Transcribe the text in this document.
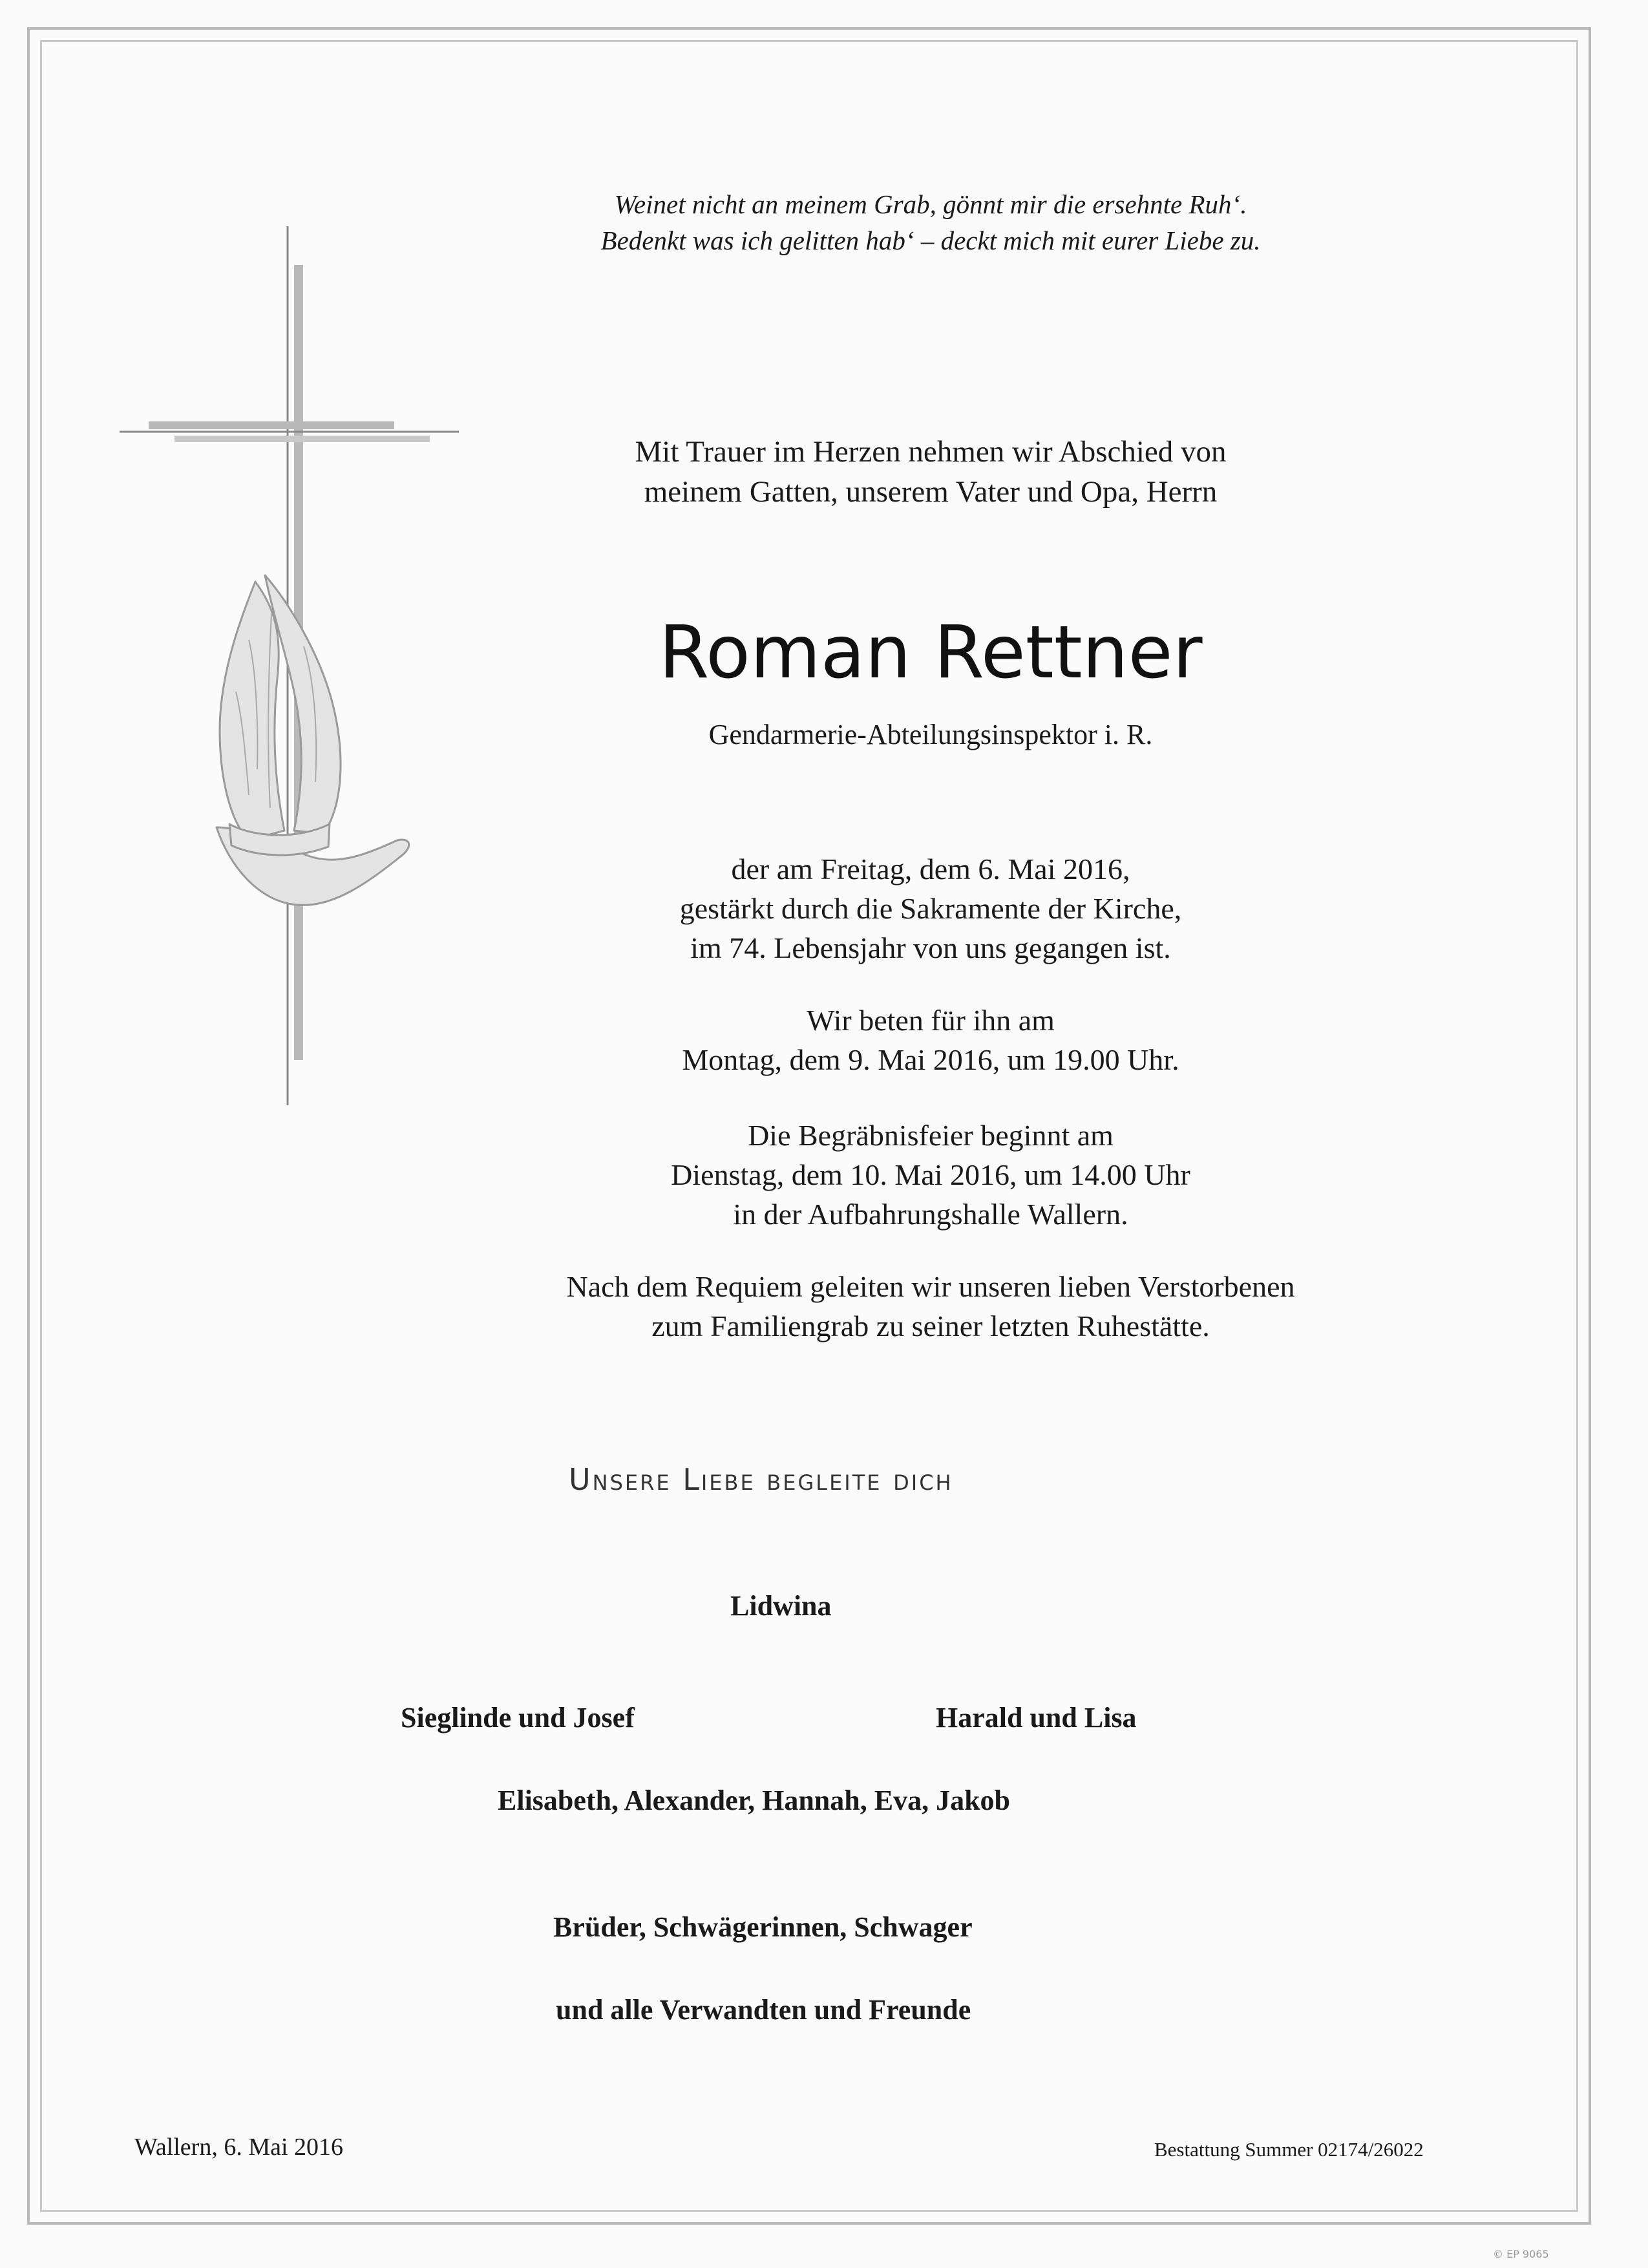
Weinet nicht an meinem Grab, gönnt mir die ersehnte Ruh‘.
Bedenkt was ich gelitten hab‘ – deckt mich mit eurer Liebe zu.
Mit Trauer im Herzen nehmen wir Abschied von
meinem Gatten, unserem Vater und Opa, Herrn
Roman Rettner
Gendarmerie-Abteilungsinspektor i. R.
der am Freitag, dem 6. Mai 2016,
gestärkt durch die Sakramente der Kirche,
im 74. Lebensjahr von uns gegangen ist.
Wir beten für ihn am
Montag, dem 9. Mai 2016, um 19.00 Uhr.
Die Begräbnisfeier beginnt am
Dienstag, dem 10. Mai 2016, um 14.00 Uhr
in der Aufbahrungshalle Wallern.
Nach dem Requiem geleiten wir unseren lieben Verstorbenen
zum Familiengrab zu seiner letzten Ruhestätte.
Unsere Liebe begleite dich
Lidwina
Sieglinde und Josef	Harald und Lisa
Elisabeth, Alexander, Hannah, Eva, Jakob
Brüder, Schwägerinnen, Schwager
und alle Verwandten und Freunde
Wallern, 6. Mai 2016	Bestattung Summer 02174/26022
© EP 9065
